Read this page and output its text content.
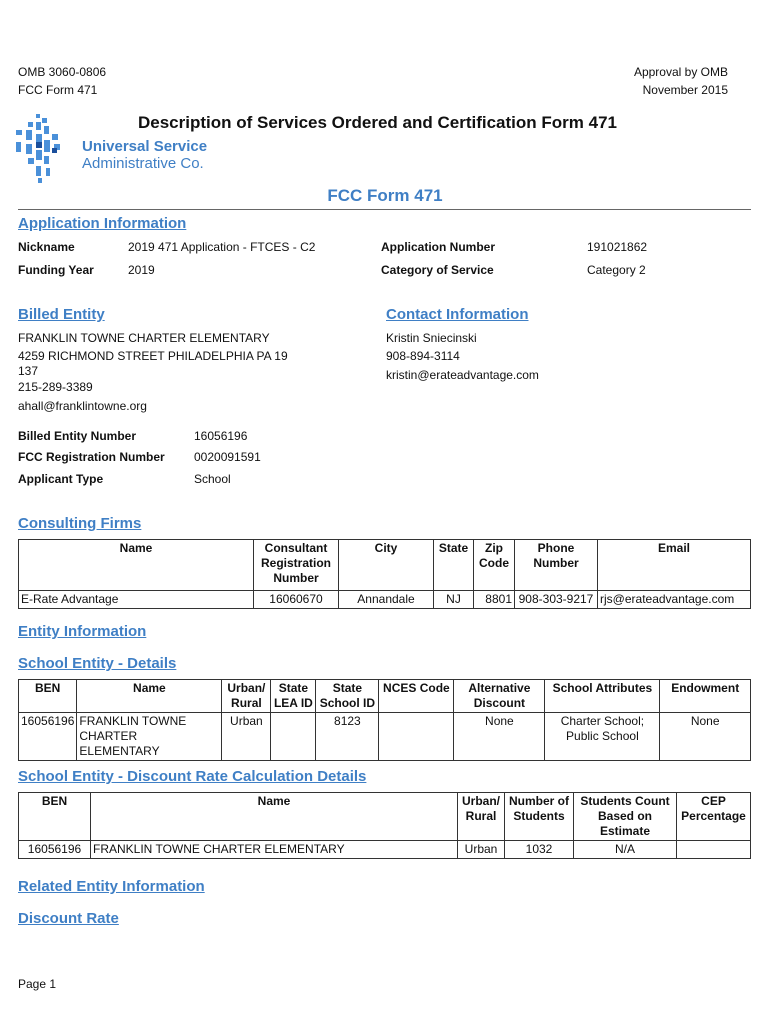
OMB 3060-0806
FCC Form 471
Approval by OMB
November 2015
Universal Service
Administrative Co.
Description of Services Ordered and Certification Form 471
FCC Form 471
Application Information
Nickname	2019 471 Application - FTCES - C2	Application Number	191021862
Funding Year	2019	Category of Service	Category 2
Billed Entity
FRANKLIN TOWNE CHARTER ELEMENTARY
4259 RICHMOND STREET PHILADELPHIA PA 19
137
215-289-3389
ahall@franklintowne.org
Contact Information
Kristin Sniecinski
908-894-3114
kristin@erateadvantage.com
Billed Entity Number	16056196
FCC Registration Number 0020091591
Applicant Type	School
Consulting Firms
Name	Consultant Registration Number	City	State	Zip Code	Phone Number	Email
E-Rate Advantage	16060670	Annandale	NJ	8801	908-303-9217	rjs@erateadvantage.com
Entity Information
School Entity - Details
BEN	Name	Urban/ Rural	State LEA ID	State School ID	NCES Code	Alternative Discount	School Attributes	Endowment
16056196	FRANKLIN TOWNE CHARTER ELEMENTARY	Urban		8123		None	Charter School; Public School	None
School Entity - Discount Rate Calculation Details
BEN	Name	Urban/ Rural	Number of Students	Students Count Based on Estimate	CEP Percentage
16056196	FRANKLIN TOWNE CHARTER ELEMENTARY	Urban	1032	N/A	
Related Entity Information
Discount Rate
Page 1
